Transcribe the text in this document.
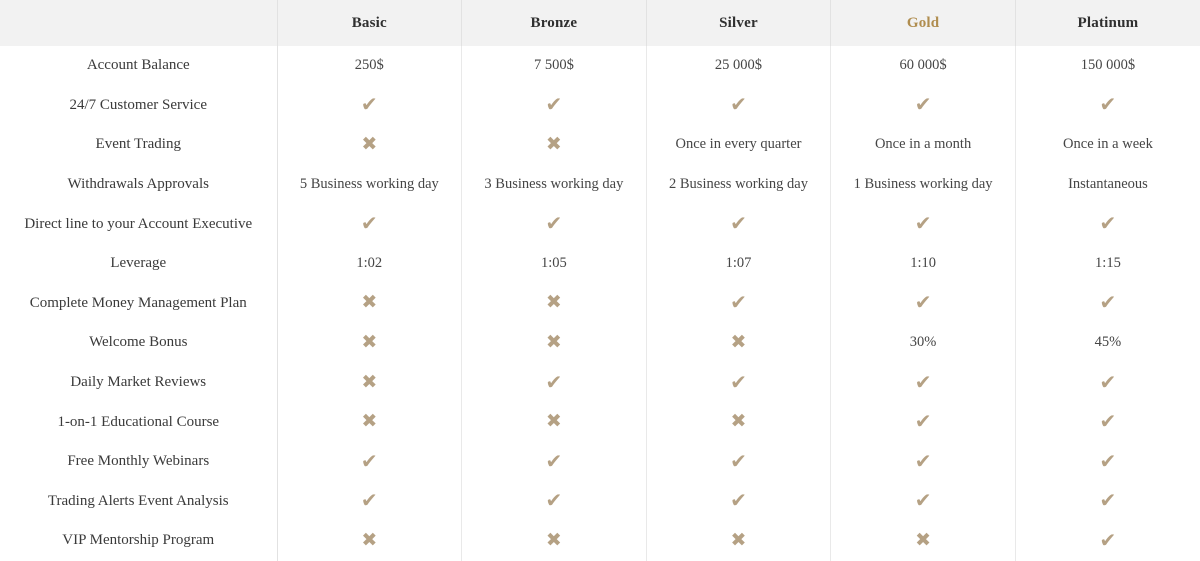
	Basic	Bronze	Silver	Gold	Platinum
Account Balance	250$	7 500$	25 000$	60 000$	150 000$
24/7 Customer Service	✔	✔	✔	✔	✔
Event Trading	✖	✖	Once in every quarter	Once in a month	Once in a week
Withdrawals Approvals	5 Business working day	3 Business working day	2 Business working day	1 Business working day	Instantaneous
Direct line to your Account Executive	✔	✔	✔	✔	✔
Leverage	1:02	1:05	1:07	1:10	1:15
Complete Money Management Plan	✖	✖	✔	✔	✔
Welcome Bonus	✖	✖	✖	30%	45%
Daily Market Reviews	✖	✔	✔	✔	✔
1-on-1 Educational Course	✖	✖	✖	✔	✔
Free Monthly Webinars	✔	✔	✔	✔	✔
Trading Alerts Event Analysis	✔	✔	✔	✔	✔
VIP Mentorship Program	✖	✖	✖	✖	✔
